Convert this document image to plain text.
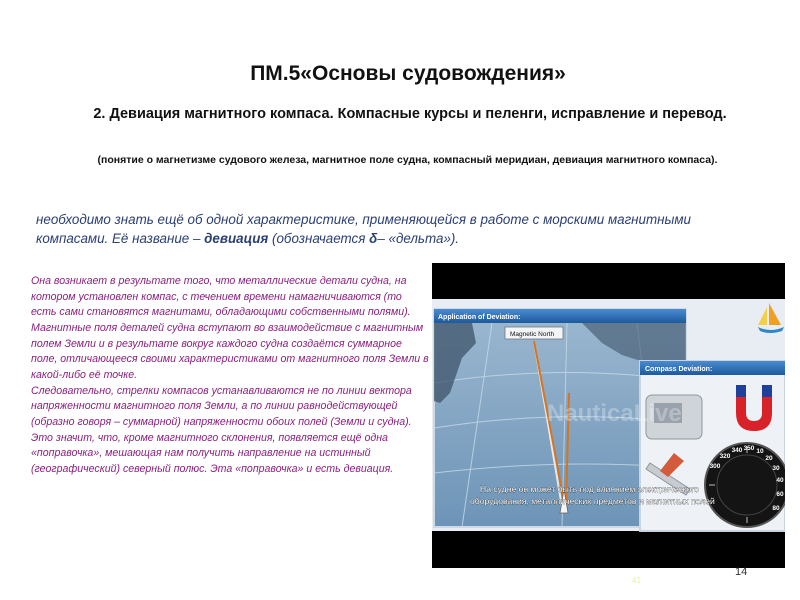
ПМ.5«Основы судовождения»
2. Девиация магнитного компаса. Компасные курсы и пеленги, исправление и перевод.
(понятие о магнетизме судового железа, магнитное поле судна, компасный меридиан, девиация магнитного компаса).
необходимо знать ещё об одной характеристике, применяющейся в работе с морскими магнитными компасами. Её название – девиация (обозначается δ– «дельта»).

Она возникает в результате того, что металлические детали судна, на котором установлен компас, с течением времени намагничиваются (то есть сами становятся магнитами, обладающими собственными полями).

Магнитные поля деталей судна вступают во взаимодействие с магнитным полем Земли и в результате вокруг каждого судна создаётся суммарное поле, отличающееся своими характеристиками от магнитного поля Земли в какой-либо её точке.

Следовательно, стрелки компасов устанавливаются не по линии вектора напряженности магнитного поля Земли, а по линии равнодействующей (образно говоря – суммарной) напряженности обоих полей (Земли и судна).

Это значит, что, кроме магнитного склонения, появляется ещё одна «поправочка», мешающая нам получить направление на истинный (географический) северный полюс. Эта «поправочка» и есть девиация.

Application of Deviation:
Magnetic North
Compass Deviation:
300
320
340 350 10
20
30
40
60
80
NauticaLive
На судне он может быть под влиянием электрического
оборудования, металлических предметов и магнитных полей
14
41
